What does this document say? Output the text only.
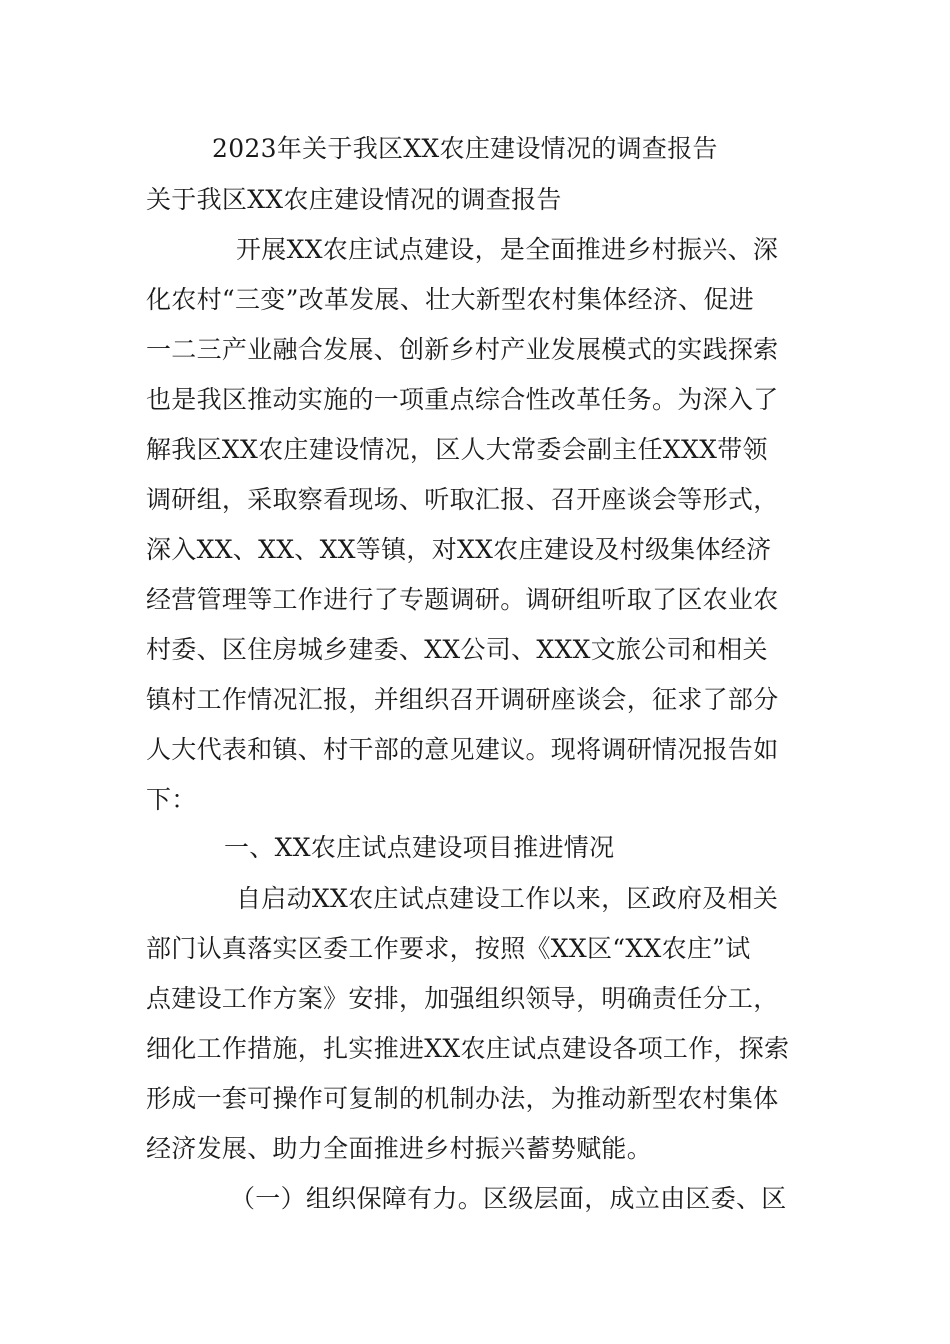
2023年关于我区XX农庄建设情况的调查报告
关于我区XX农庄建设情况的调查报告
开展XX农庄试点建设，是全面推进乡村振兴、深
化农村“三变”改革发展、壮大新型农村集体经济、促进
一二三产业融合发展、创新乡村产业发展模式的实践探索
也是我区推动实施的一项重点综合性改革任务。为深入了
解我区XX农庄建设情况，区人大常委会副主任XXX带领
调研组，采取察看现场、听取汇报、召开座谈会等形式，
深入XX、XX、XX等镇，对XX农庄建设及村级集体经济
经营管理等工作进行了专题调研。调研组听取了区农业农
村委、区住房城乡建委、XX公司、XXX文旅公司和相关
镇村工作情况汇报，并组织召开调研座谈会，征求了部分
人大代表和镇、村干部的意见建议。现将调研情况报告如
下：
一、XX农庄试点建设项目推进情况
自启动XX农庄试点建设工作以来，区政府及相关
部门认真落实区委工作要求，按照《XX区“XX农庄”试
点建设工作方案》安排，加强组织领导，明确责任分工，
细化工作措施，扎实推进XX农庄试点建设各项工作，探索
形成一套可操作可复制的机制办法，为推动新型农村集体
经济发展、助力全面推进乡村振兴蓄势赋能。
（一）组织保障有力。区级层面，成立由区委、区
